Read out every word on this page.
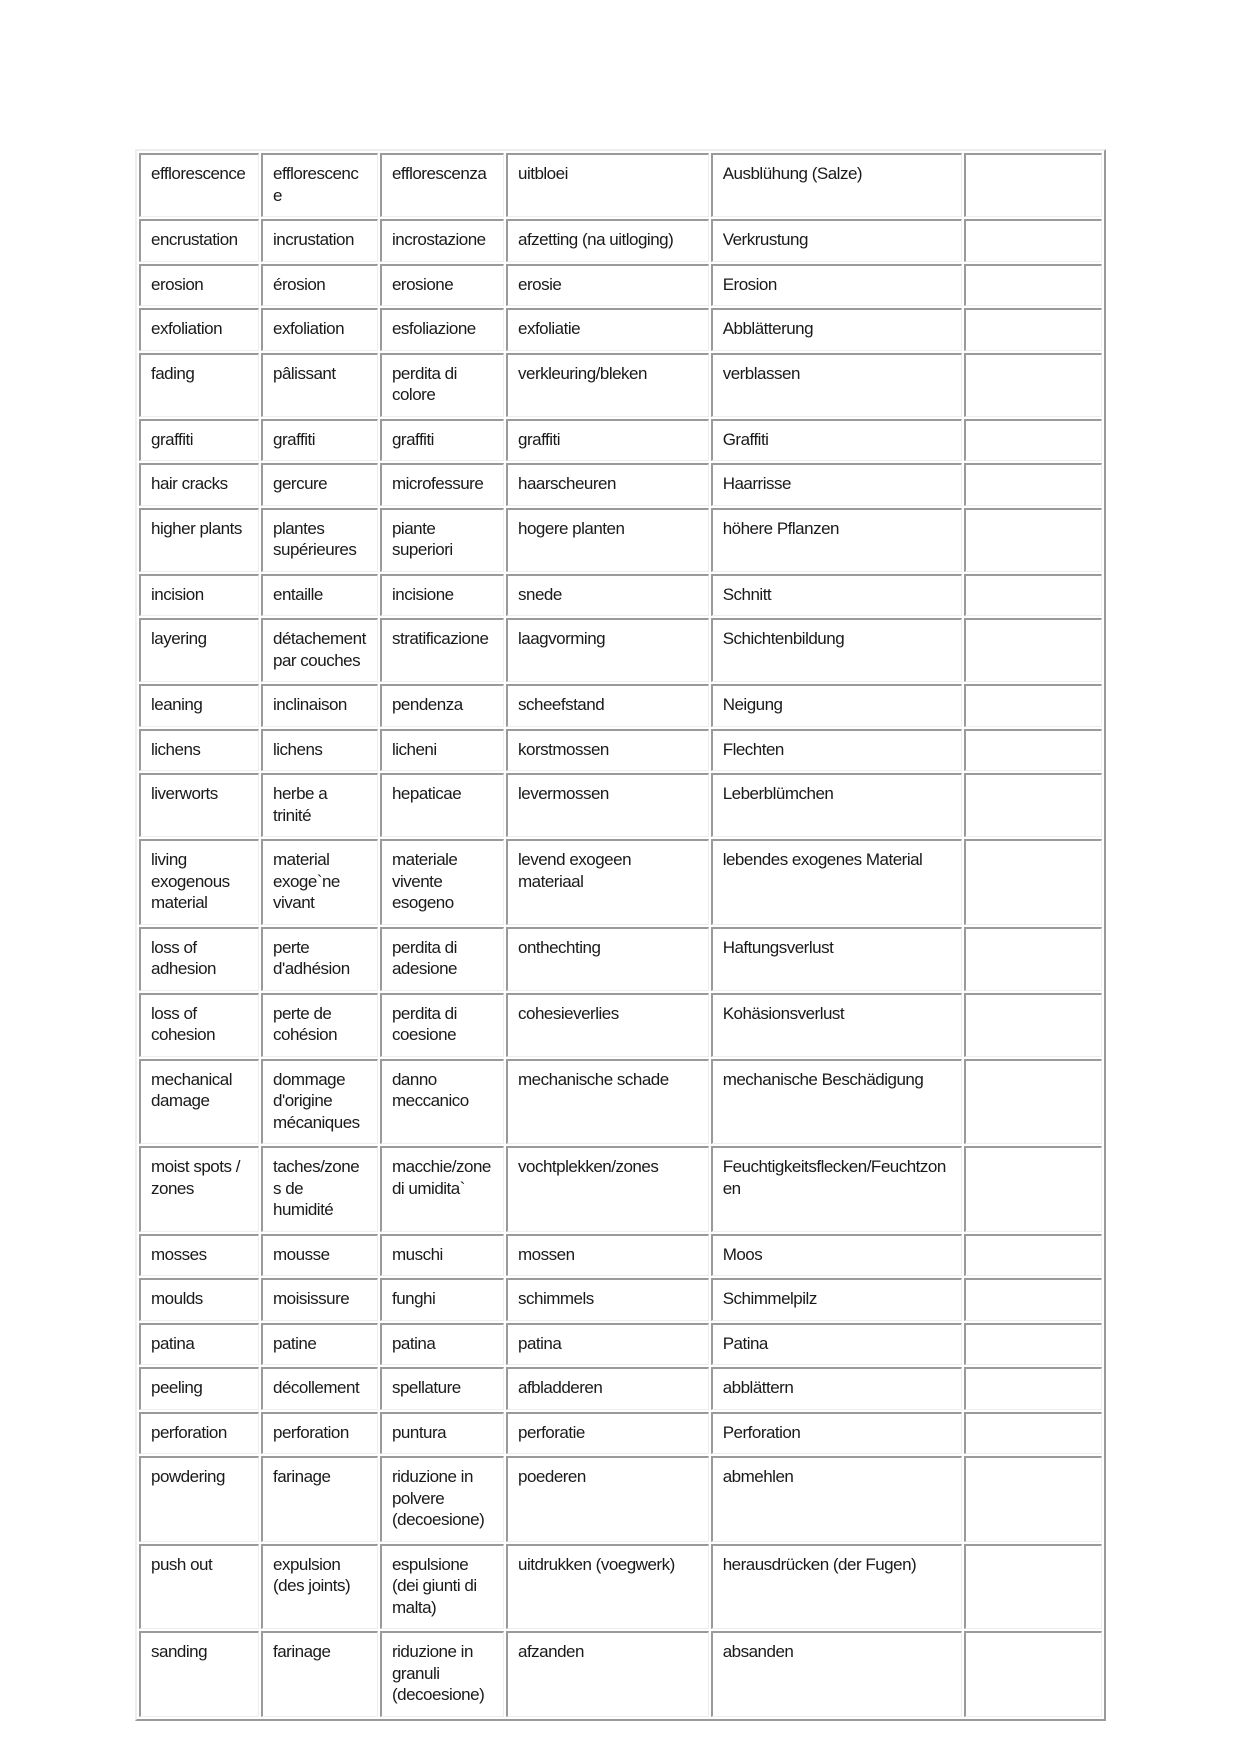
efflorescence	efflorescence	efflorescenza	uitbloei	Ausblühung (Salze)	
encrustation	incrustation	incrostazione	afzetting (na uitloging)	Verkrustung	
erosion	érosion	erosione	erosie	Erosion	
exfoliation	exfoliation	esfoliazione	exfoliatie	Abblätterung	
fading	pâlissant	perdita di colore	verkleuring/bleken	verblassen	
graffiti	graffiti	graffiti	graffiti	Graffiti	
hair cracks	gercure	microfessure	haarscheuren	Haarrisse	
higher plants	plantes supérieures	piante superiori	hogere planten	höhere Pflanzen	
incision	entaille	incisione	snede	Schnitt	
layering	détachement par couches	stratificazione	laagvorming	Schichtenbildung	
leaning	inclinaison	pendenza	scheefstand	Neigung	
lichens	lichens	licheni	korstmossen	Flechten	
liverworts	herbe a trinité	hepaticae	levermossen	Leberblümchen	
living exogenous material	material exoge`ne vivant	materiale vivente esogeno	levend exogeen materiaal	lebendes exogenes Material	
loss of adhesion	perte d'adhésion	perdita di adesione	onthechting	Haftungsverlust	
loss of cohesion	perte de cohésion	perdita di coesione	cohesieverlies	Kohäsionsverlust	
mechanical damage	dommage d'origine mécaniques	danno meccanico	mechanische schade	mechanische Beschädigung	
moist spots / zones	taches/zones de humidité	macchie/zone di umidita`	vochtplekken/zones	Feuchtigkeitsflecken/Feuchtzonen	
mosses	mousse	muschi	mossen	Moos	
moulds	moisissure	funghi	schimmels	Schimmelpilz	
patina	patine	patina	patina	Patina	
peeling	décollement	spellature	afbladderen	abblättern	
perforation	perforation	puntura	perforatie	Perforation	
powdering	farinage	riduzione in polvere (decoesione)	poederen	abmehlen	
push out	expulsion (des joints)	espulsione (dei giunti di malta)	uitdrukken (voegwerk)	herausdrücken (der Fugen)	
sanding	farinage	riduzione in granuli (decoesione)	afzanden	absanden	
